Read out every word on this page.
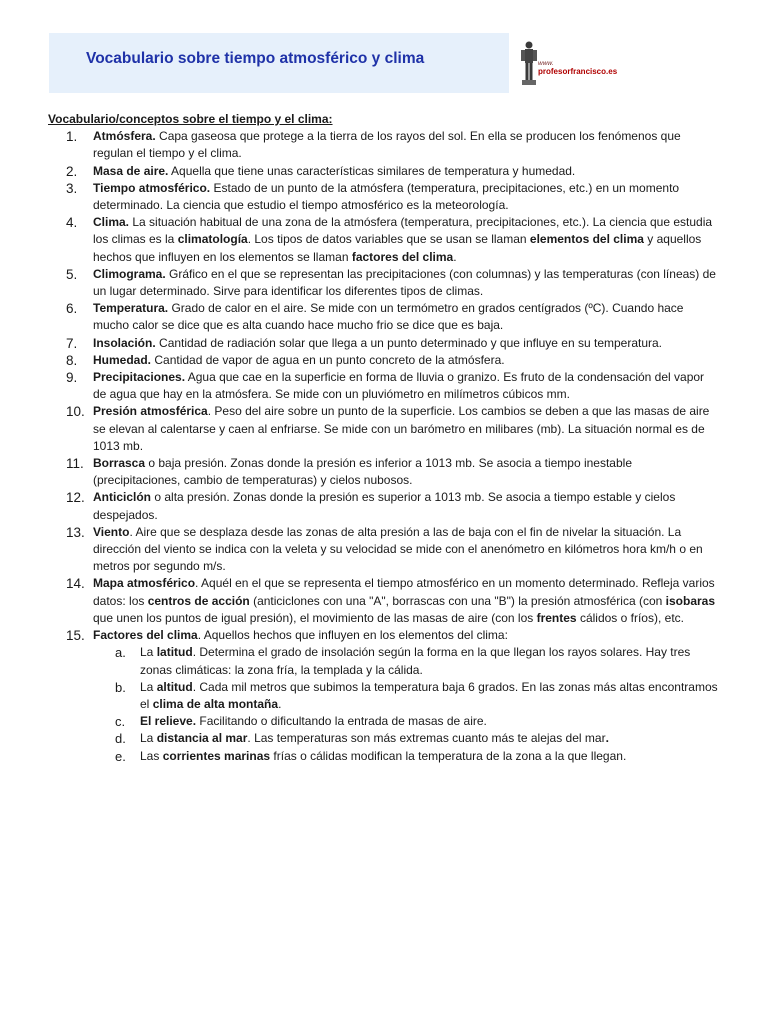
Vocabulario sobre tiempo atmosférico y clima	www.
profesorfrancisco.es

Vocabulario/conceptos sobre el tiempo y el clima:

1. Atmósfera. Capa gaseosa que protege a la tierra de los rayos del sol. En ella se producen los fenómenos que regulan el tiempo y el clima.
2. Masa de aire. Aquella que tiene unas características similares de temperatura y humedad.
3. Tiempo atmosférico. Estado de un punto de la atmósfera (temperatura, precipitaciones, etc.) en un momento determinado. La ciencia que estudio el tiempo atmosférico es la meteorología.
4. Clima. La situación habitual de una zona de la atmósfera (temperatura, precipitaciones, etc.). La ciencia que estudia los climas es la climatología. Los tipos de datos variables que se usan se llaman elementos del clima y aquellos hechos que influyen en los elementos se llaman factores del clima.
5. Climograma. Gráfico en el que se representan las precipitaciones (con columnas) y las temperaturas (con líneas) de un lugar determinado. Sirve para identificar los diferentes tipos de climas.
6. Temperatura. Grado de calor en el aire. Se mide con un termómetro en grados centígrados (ºC). Cuando hace mucho calor se dice que es alta cuando hace mucho frio se dice que es baja.
7. Insolación. Cantidad de radiación solar que llega a un punto determinado y que influye en su temperatura.
8. Humedad. Cantidad de vapor de agua en un punto concreto de la atmósfera.
9. Precipitaciones. Agua que cae en la superficie en forma de lluvia o granizo. Es fruto de la condensación del vapor de agua que hay en la atmósfera. Se mide con un pluviómetro en milímetros cúbicos mm.
10. Presión atmosférica. Peso del aire sobre un punto de la superficie. Los cambios se deben a que las masas de aire se elevan al calentarse y caen al enfriarse. Se mide con un barómetro en milibares (mb). La situación normal es de 1013 mb.
11. Borrasca o baja presión. Zonas donde la presión es inferior a 1013 mb. Se asocia a tiempo inestable (precipitaciones, cambio de temperaturas) y cielos nubosos.
12. Anticiclón o alta presión. Zonas donde la presión es superior a 1013 mb. Se asocia a tiempo estable y cielos despejados.
13. Viento. Aire que se desplaza desde las zonas de alta presión a las de baja con el fin de nivelar la situación. La dirección del viento se indica con la veleta y su velocidad se mide con el anenómetro en kilómetros hora km/h o en metros por segundo m/s.
14. Mapa atmosférico. Aquél en el que se representa el tiempo atmosférico en un momento determinado. Refleja varios datos: los centros de acción (anticiclones con una "A", borrascas con una "B") la presión atmosférica (con isobaras que unen los puntos de igual presión), el movimiento de las masas de aire (con los frentes cálidos o fríos), etc.
15. Factores del clima. Aquellos hechos que influyen en los elementos del clima:
a. La latitud. Determina el grado de insolación según la forma en la que llegan los rayos solares. Hay tres zonas climáticas: la zona fría, la templada y la cálida.
b. La altitud. Cada mil metros que subimos la temperatura baja 6 grados. En las zonas más altas encontramos el clima de alta montaña.
c. El relieve. Facilitando o dificultando la entrada de masas de aire.
d. La distancia al mar. Las temperaturas son más extremas cuanto más te alejas del mar.
e. Las corrientes marinas frías o cálidas modifican la temperatura de la zona a la que llegan.
